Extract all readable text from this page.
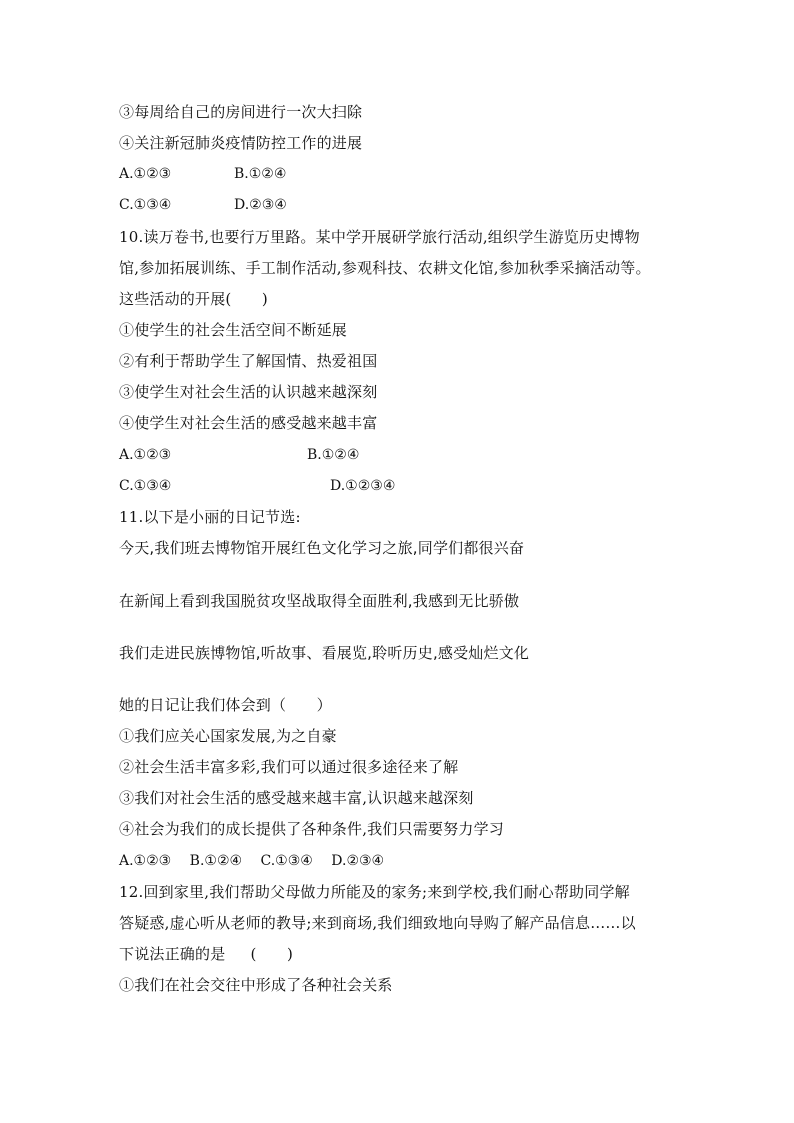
③每周给自己的房间进行一次大扫除
④关注新冠肺炎疫情防控工作的进展
A.①②③	B.①②④
C.①③④	D.②③④
10.读万卷书,也要行万里路。某中学开展研学旅行活动,组织学生游览历史博物
馆,参加拓展训练、手工制作活动,参观科技、农耕文化馆,参加秋季采摘活动等。
这些活动的开展(　　)
①使学生的社会生活空间不断延展
②有利于帮助学生了解国情、热爱祖国
③使学生对社会生活的认识越来越深刻
④使学生对社会生活的感受越来越丰富
A.①②③	B.①②④
C.①③④	D.①②③④
11.以下是小丽的日记节选:
今天,我们班去博物馆开展红色文化学习之旅,同学们都很兴奋
在新闻上看到我国脱贫攻坚战取得全面胜利,我感到无比骄傲
我们走进民族博物馆,听故事、看展览,聆听历史,感受灿烂文化
她的日记让我们体会到（　　）
①我们应关心国家发展,为之自豪
②社会生活丰富多彩,我们可以通过很多途径来了解
③我们对社会生活的感受越来越丰富,认识越来越深刻
④社会为我们的成长提供了各种条件,我们只需要努力学习
A.①②③　 B.①②④　 C.①③④　 D.②③④
12.回到家里,我们帮助父母做力所能及的家务;来到学校,我们耐心帮助同学解
答疑惑,虚心听从老师的教导;来到商场,我们细致地向导购了解产品信息……以
下说法正确的是　  (　　)
①我们在社会交往中形成了各种社会关系
